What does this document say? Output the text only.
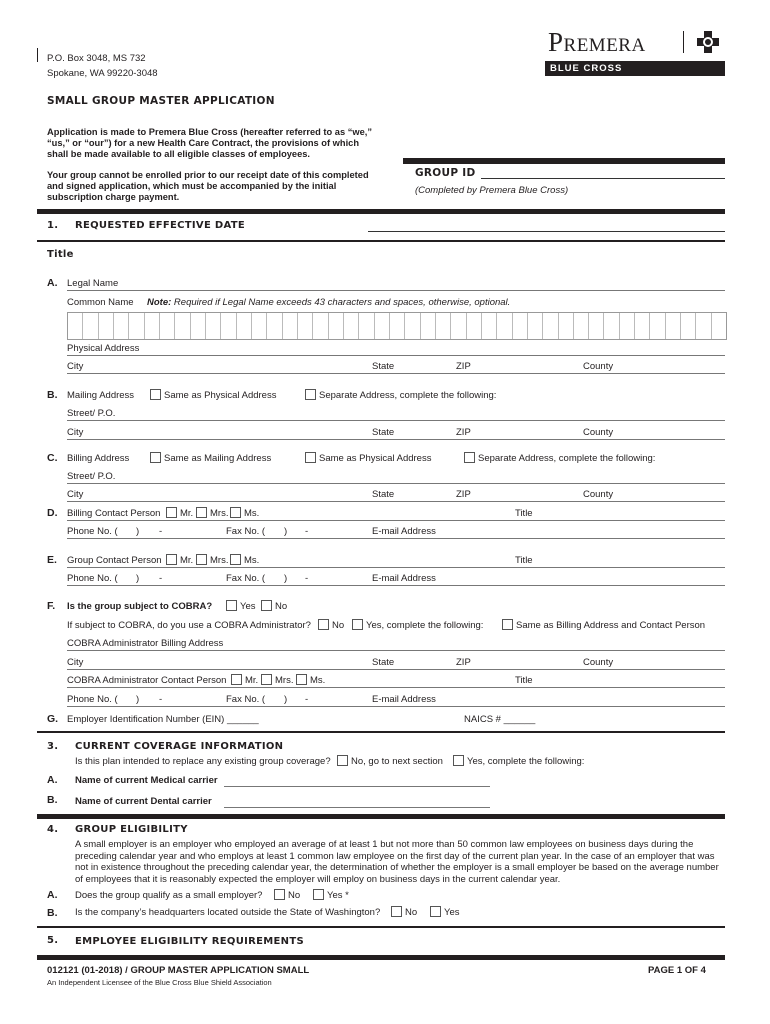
P.O. Box 3048, MS 732
Spokane, WA 99220-3048
Premera
BLUE CROSS
SMALL GROUP MASTER APPLICATION
Application is made to Premera Blue Cross (hereafter referred to as “we,” “us,” or “our”) for a new Health Care Contract, the provisions of which shall be made available to all eligible classes of employees.
Your group cannot be enrolled prior to our receipt date of this completed and signed application, which must be accompanied by the initial subscription charge payment.
GROUP ID
(Completed by Premera Blue Cross)
1. REQUESTED EFFECTIVE DATE
Title
A. Legal Name
Common Name Note: Required if Legal Name exceeds 43 characters and spaces, otherwise, optional.
Physical Address
City	State	ZIP	County
B. Mailing Address	Same as Physical Address	Separate Address, complete the following:
Street/ P.O.
City	State	ZIP	County
C. Billing Address	Same as Mailing Address	Same as Physical Address	Separate Address, complete the following:
Street/ P.O.
City	State	ZIP	County
D. Billing Contact Person Mr. Mrs. Ms.	Title
Phone No. ( ) -	Fax No. ( ) -	E-mail Address
E. Group Contact Person Mr. Mrs. Ms.	Title
Phone No. ( ) -	Fax No. ( ) -	E-mail Address
F. Is the group subject to COBRA?	Yes No
If subject to COBRA, do you use a COBRA Administrator? No Yes, complete the following:	Same as Billing Address and Contact Person
COBRA Administrator Billing Address
City	State	ZIP	County
COBRA Administrator Contact Person Mr. Mrs. Ms.	Title
Phone No. ( ) -	Fax No. ( ) -	E-mail Address
G. Employer Identification Number (EIN) ______	NAICS # ______
3. CURRENT COVERAGE INFORMATION
Is this plan intended to replace any existing group coverage? No, go to next section	Yes, complete the following:
A. Name of current Medical carrier
B. Name of current Dental carrier
4. GROUP ELIGIBILITY
A small employer is an employer who employed an average of at least 1 but not more than 50 common law employees on business days during the preceding calendar year and who employs at least 1 common law employee on the first day of the current plan year. In the case of an employer that was not in existence throughout the preceding calendar year, the determination of whether the employer is a small employer be based on the average number of employees that it is reasonably expected the employer will employ on business days in the current calendar year.
A. Does the group qualify as a small employer?	No	Yes *
B. Is the company’s headquarters located outside the State of Washington?	No	Yes
5. EMPLOYEE ELIGIBILITY REQUIREMENTS
012121 (01-2018) / GROUP MASTER APPLICATION SMALL	PAGE 1 OF 4
An Independent Licensee of the Blue Cross Blue Shield Association
